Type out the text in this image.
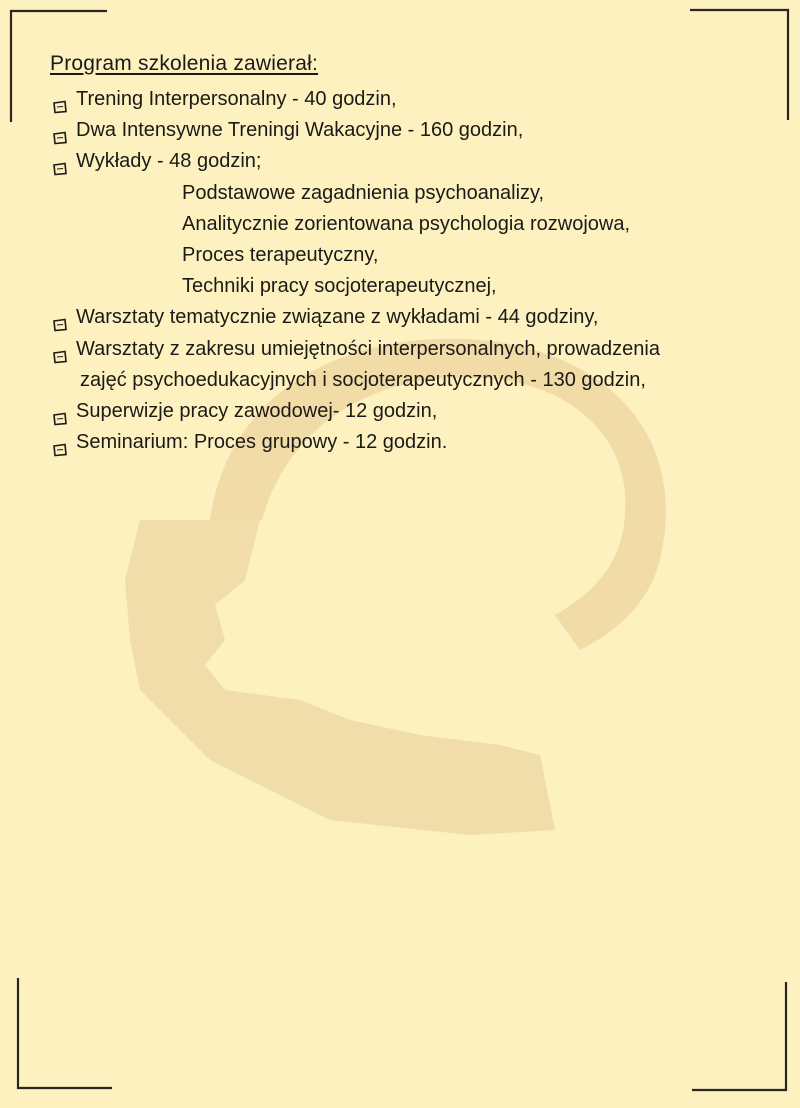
Program szkolenia zawierał:
Trening Interpersonalny - 40 godzin,
Dwa Intensywne Treningi Wakacyjne - 160 godzin,
Wykłady - 48 godzin;
Podstawowe zagadnienia psychoanalizy,
Analitycznie zorientowana psychologia rozwojowa,
Proces terapeutyczny,
Techniki pracy socjoterapeutycznej,
Warsztaty tematycznie związane z wykładami - 44 godziny,
Warsztaty z zakresu umiejętności interpersonalnych, prowadzenia
zajęć psychoedukacyjnych i socjoterapeutycznych - 130 godzin,
Superwizje pracy zawodowej- 12 godzin,
Seminarium: Proces grupowy - 12 godzin.
